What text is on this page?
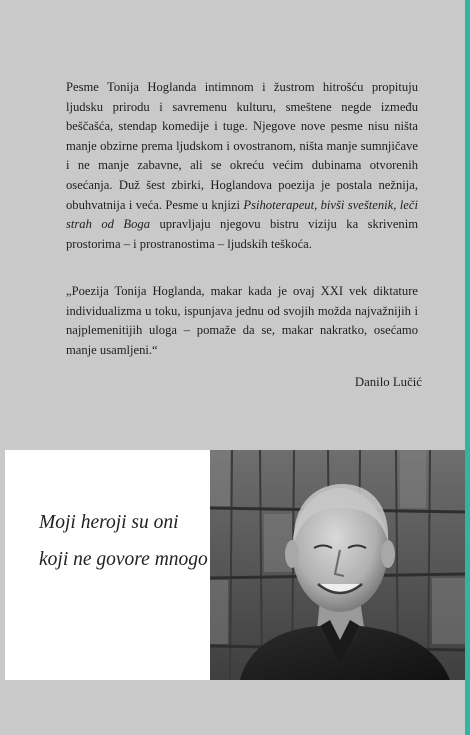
Pesme Tonija Hoglanda intimnom i žustrom hitrošću propituju ljudsku prirodu i savremenu kulturu, smeštene negde između beščašća, stendap komedije i tuge. Njegove nove pesme nisu ništa manje obzirne prema ljudskom i ovostranom, ništa manje sumnjičave i ne manje zabavne, ali se okreću većim dubinama otvorenih osećanja. Duž šest zbirki, Hoglandova poezija je postala nežnija, obuhvatnija i veća. Pesme u knjizi Psihoterapeut, bivši sveštenik, leči strah od Boga upravljaju njegovu bistru viziju ka skrivenim prostorima – i prostranostima – ljudskih teškoća.

„Poezija Tonija Hoglanda, makar kada je ovaj XXI vek diktature individualizma u toku, ispunjava jednu od svojih možda najvažnijih i najplemenitijih uloga – pomaže da se, makar nakratko, osećamo manje usamljeni.“

Danilo Lučić

Moji heroji su oni koji ne govore mnogo
